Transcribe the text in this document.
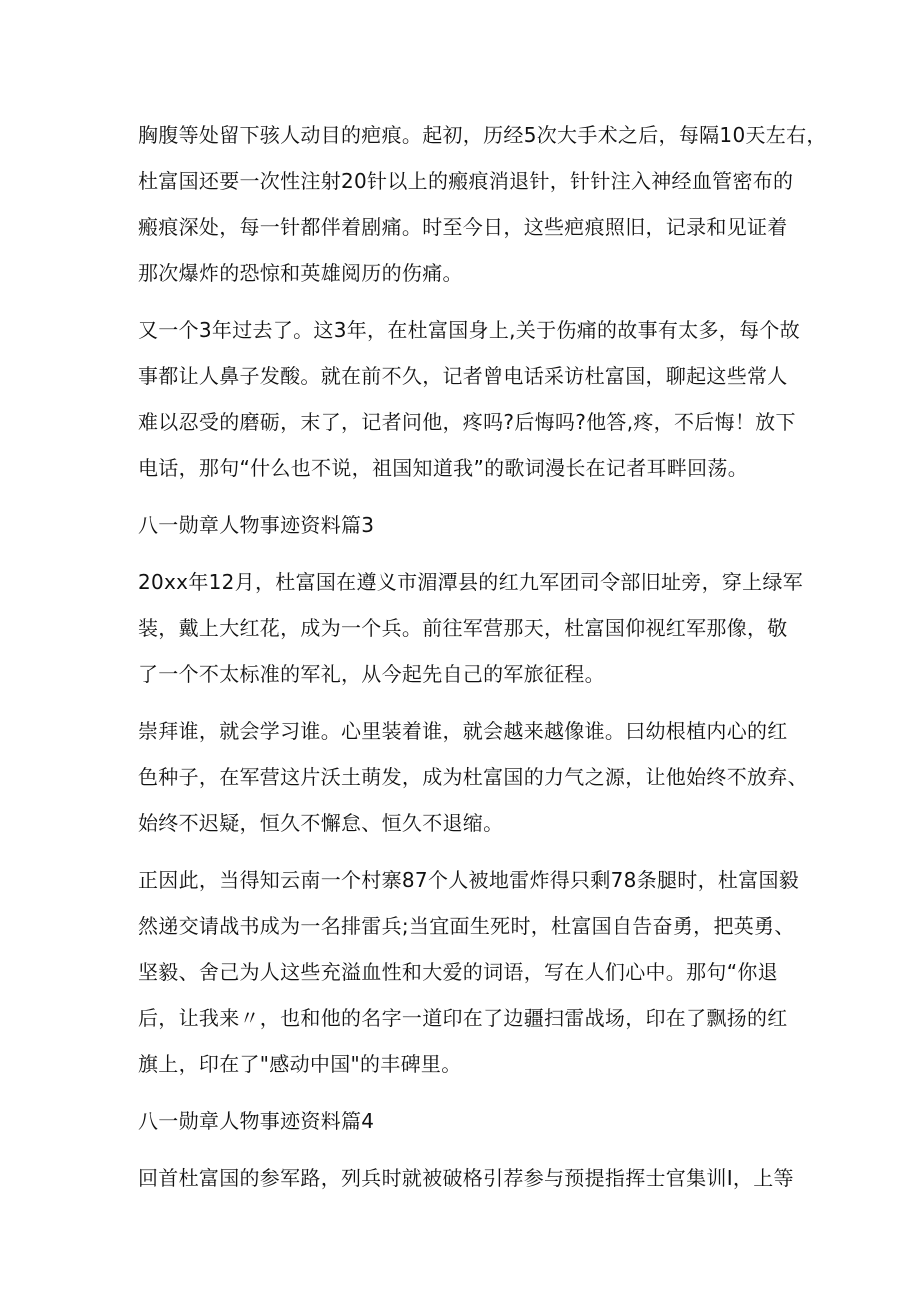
胸腹等处留下骇人动目的疤痕。起初，历经5次大手术之后，每隔10天左右，
杜富国还要一次性注射20针以上的瘢痕消退针，针针注入神经血管密布的
瘢痕深处，每一针都伴着剧痛。时至今日，这些疤痕照旧，记录和见证着
那次爆炸的恐惊和英雄阅历的伤痛。
又一个3年过去了。这3年，在杜富国身上,关于伤痛的故事有太多，每个故
事都让人鼻子发酸。就在前不久，记者曾电话采访杜富国，聊起这些常人
难以忍受的磨砺，末了，记者问他，疼吗?后悔吗?他答,疼，不后悔！放下
电话，那句“什么也不说，祖国知道我”的歌词漫长在记者耳畔回荡。
八一勋章人物事迹资料篇3
20xx年12月，杜富国在遵义市湄潭县的红九军团司令部旧址旁，穿上绿军
装，戴上大红花，成为一个兵。前往军营那天，杜富国仰视红军那像，敬
了一个不太标准的军礼，从今起先自己的军旅征程。
崇拜谁，就会学习谁。心里装着谁，就会越来越像谁。曰幼根植内心的红
色种子，在军营这片沃土萌发，成为杜富国的力气之源，让他始终不放弃、
始终不迟疑，恒久不懈怠、恒久不退缩。
正因此，当得知云南一个村寨87个人被地雷炸得只剩78条腿时，杜富国毅
然递交请战书成为一名排雷兵;当宜面生死时，杜富国自告奋勇，把英勇、
坚毅、舍己为人这些充溢血性和大爱的词语，写在人们心中。那句“你退
后，让我来〃，也和他的名字一道印在了边疆扫雷战场，印在了飘扬的红
旗上，印在了"感动中国"的丰碑里。
八一勋章人物事迹资料篇4
回首杜富国的参军路，列兵时就被破格引荐参与预提指挥士官集训I，上等
